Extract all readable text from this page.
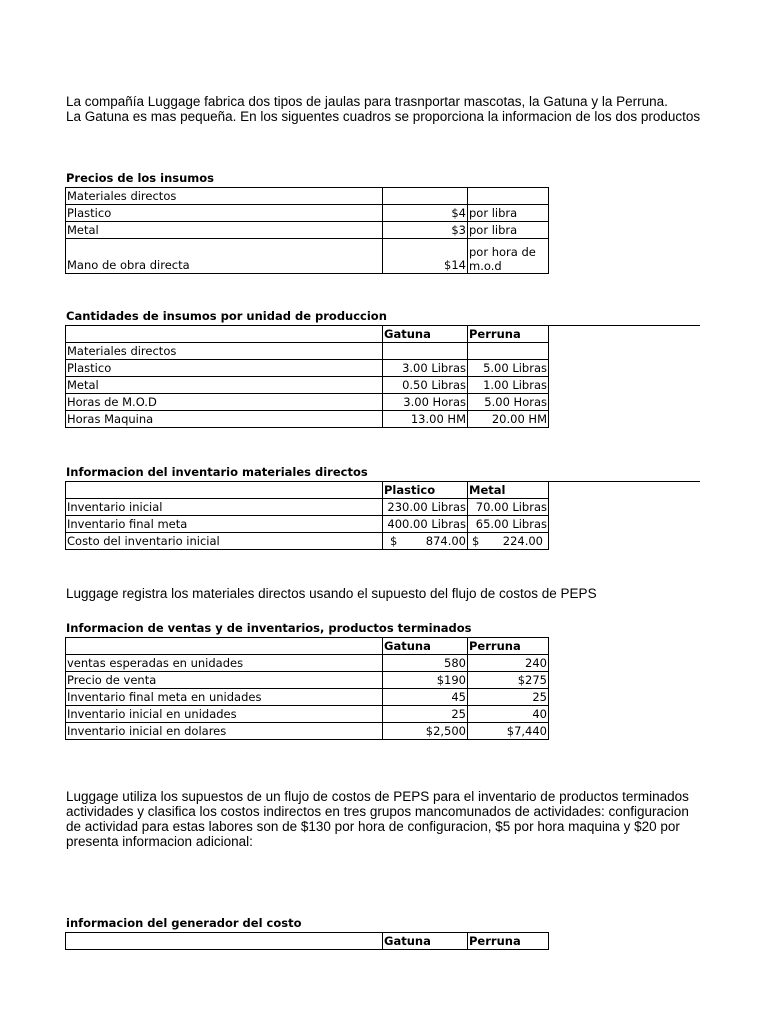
La compañía Luggage fabrica dos tipos de jaulas para trasnportar mascotas, la Gatuna y la Perruna.
La Gatuna es mas pequeña. En los siguentes cuadros se proporciona la informacion de los dos productos
Precios de los insumos
Materiales directos		
Plastico	$4	por libra
Metal	$3	por libra
Mano de obra directa	$14	por hora de m.o.d
Cantidades de insumos por unidad de produccion
	Gatuna	Perruna
Materiales directos		
Plastico	3.00 Libras	5.00 Libras
Metal	0.50 Libras	1.00 Libras
Horas de M.O.D	3.00 Horas	5.00 Horas
Horas Maquina	13.00 HM	20.00 HM
Informacion del inventario materiales directos
	Plastico	Metal
Inventario inicial	230.00 Libras	70.00 Libras
Inventario final meta	400.00 Libras	65.00 Libras
Costo del inventario inicial	$ 874.00	$ 224.00
Luggage registra los materiales directos usando el supuesto del flujo de costos de PEPS
Informacion de ventas y de inventarios, productos terminados
	Gatuna	Perruna
ventas esperadas en unidades	580	240
Precio de venta	$190	$275
Inventario final meta en unidades	45	25
Inventario inicial en unidades	25	40
Inventario inicial en dolares	$2,500	$7,440
Luggage utiliza los supuestos de un flujo de costos de PEPS para el inventario de productos terminados
actividades y clasifica los costos indirectos en tres grupos mancomunados de actividades: configuracion
de actividad para estas labores son de $130 por hora de configuracion, $5 por hora maquina y $20 por
presenta informacion adicional:
informacion del generador del costo
	Gatuna	Perruna
